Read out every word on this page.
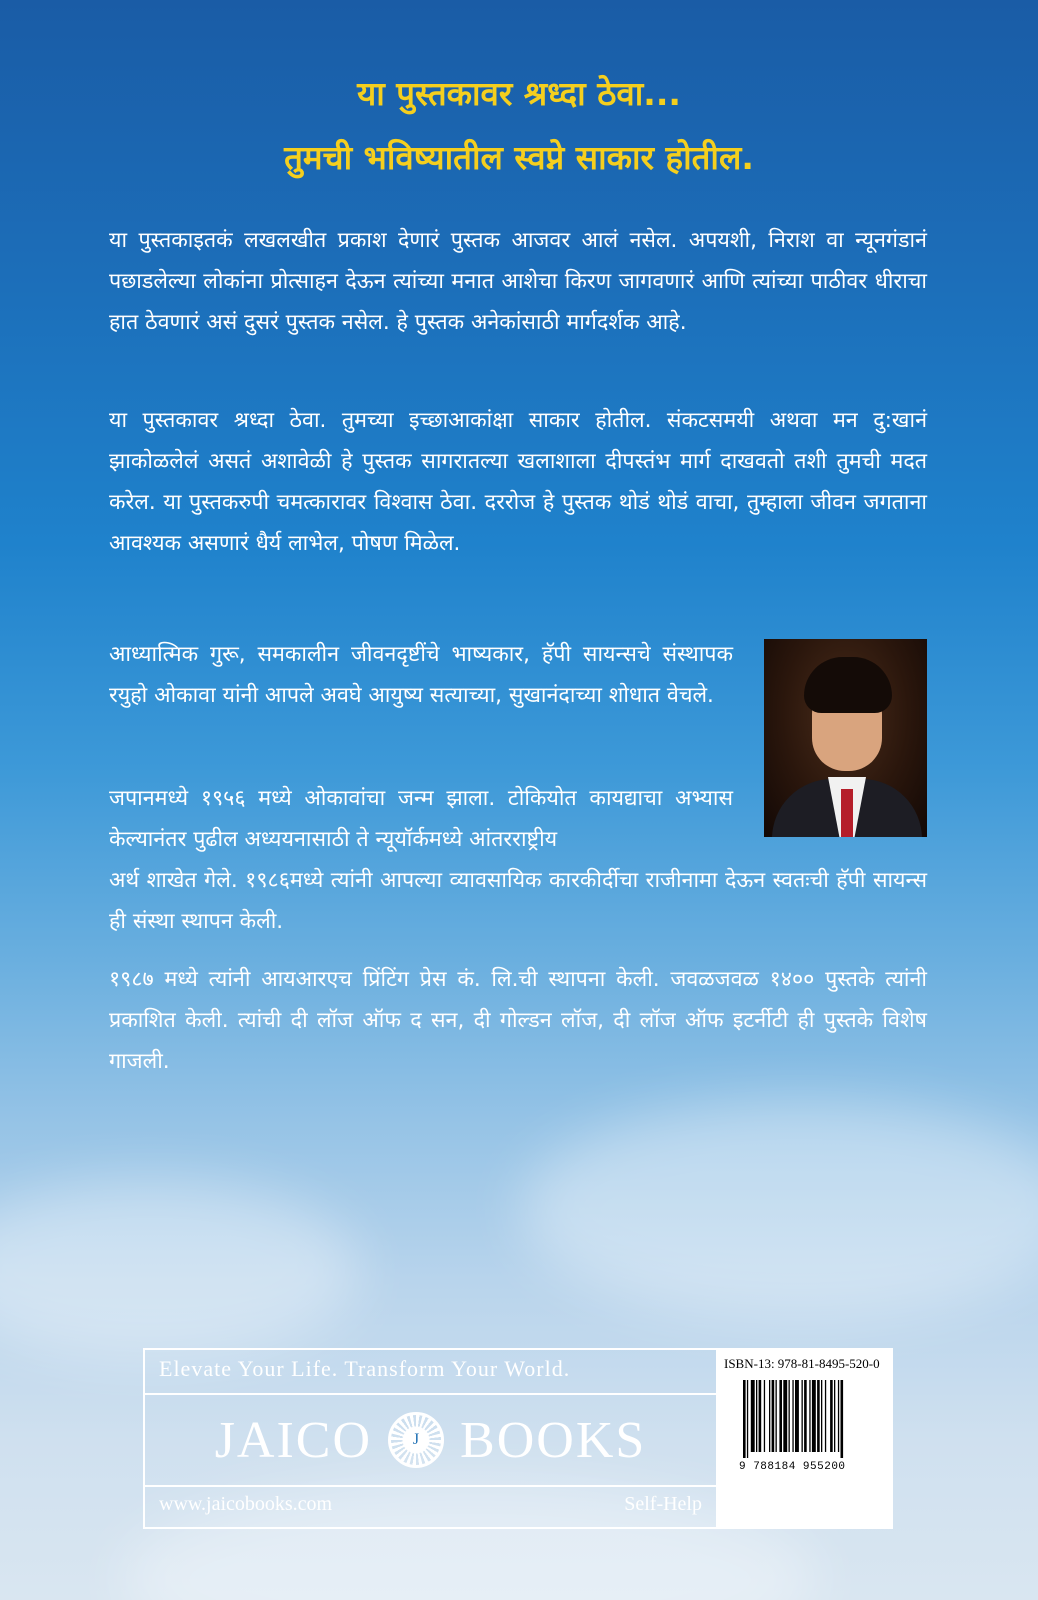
या पुस्तकावर श्रध्दा ठेवा...
तुमची भविष्यातील स्वप्ने साकार होतील.

या पुस्तकाइतकं लखलखीत प्रकाश देणारं पुस्तक आजवर आलं नसेल. अपयशी, निराश वा न्यूनगंडानं पछाडलेल्या लोकांना प्रोत्साहन देऊन त्यांच्या मनात आशेचा किरण जागवणारं आणि त्यांच्या पाठीवर धीराचा हात ठेवणारं असं दुसरं पुस्तक नसेल. हे पुस्तक अनेकांसाठी मार्गदर्शक आहे.

या पुस्तकावर श्रध्दा ठेवा. तुमच्या इच्छाआकांक्षा साकार होतील. संकटसमयी अथवा मन दु:खानं झाकोळलेलं असतं अशावेळी हे पुस्तक सागरातल्या खलाशाला दीपस्तंभ मार्ग दाखवतो तशी तुमची मदत करेल. या पुस्तकरुपी चमत्कारावर विश्वास ठेवा. दररोज हे पुस्तक थोडं थोडं वाचा, तुम्हाला जीवन जगताना आवश्यक असणारं धैर्य लाभेल, पोषण मिळेल.

आध्यात्मिक गुरू, समकालीन जीवनदृष्टींचे भाष्यकार, हॅपी सायन्सचे संस्थापक रयुहो ओकावा यांनी आपले अवघे आयुष्य सत्याच्या, सुखानंदाच्या शोधात वेचले.

जपानमध्ये १९५६ मध्ये ओकावांचा जन्म झाला. टोकियोत कायद्याचा अभ्यास केल्यानंतर पुढील अध्ययनासाठी ते न्यूयॉर्कमध्ये आंतरराष्ट्रीय

अर्थ शाखेत गेले. १९८६मध्ये त्यांनी आपल्या व्यावसायिक कारकीर्दीचा राजीनामा देऊन स्वतःची हॅपी सायन्स ही संस्था स्थापन केली.

१९८७ मध्ये त्यांनी आयआरएच प्रिंटिंग प्रेस कं. लि.ची स्थापना केली. जवळजवळ १४०० पुस्तके त्यांनी प्रकाशित केली. त्यांची दी लॉज ऑफ द सन, दी गोल्डन लॉज, दी लॉज ऑफ इटर्नीटी ही पुस्तके विशेष गाजली.

Elevate Your Life. Transform Your World.
JAICO	J BOOKS
www.jaicobooks.com	Self-Help
ISBN-13: 978-81-8495-520-0
9 788184 955200
